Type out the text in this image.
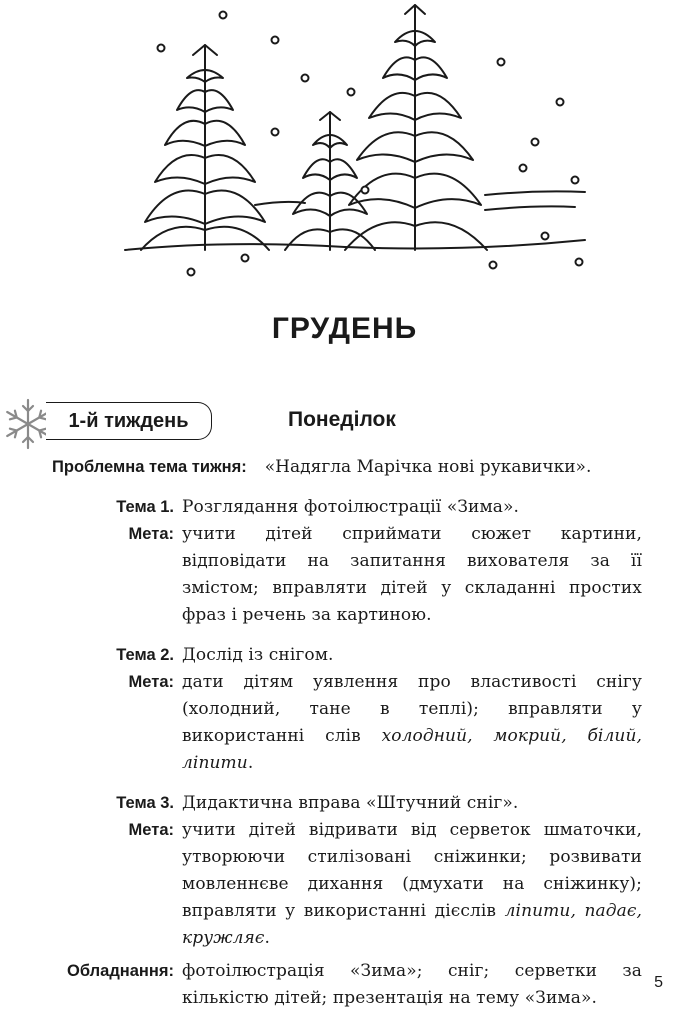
ГРУДЕНЬ
1-й тиждень	Понеділок
Проблемна тема тижня: «Надягла Марічка нові рукавички».
Тема 1. Розглядання фотоілюстрації «Зима».
Мета: учити дітей сприймати сюжет картини, відповідати на запитання вихователя за її змістом; вправляти дітей у складанні простих фраз і речень за картиною.
Тема 2. Дослід із снігом.
Мета: дати дітям уявлення про властивості снігу (холодний, тане в теплі); вправляти у використанні слів холодний, мокрий, білий, ліпити.
Тема 3. Дидактична вправа «Штучний сніг».
Мета: учити дітей відривати від серветок шматочки, утворюючи стилізовані сніжинки; розвивати мовленнєве дихання (дмухати на сніжинку); вправляти у використанні дієслів ліпити, падає, кружляє.
Обладнання: фотоілюстрація «Зима»; сніг; серветки за кількістю дітей; презентація на тему «Зима».
5
